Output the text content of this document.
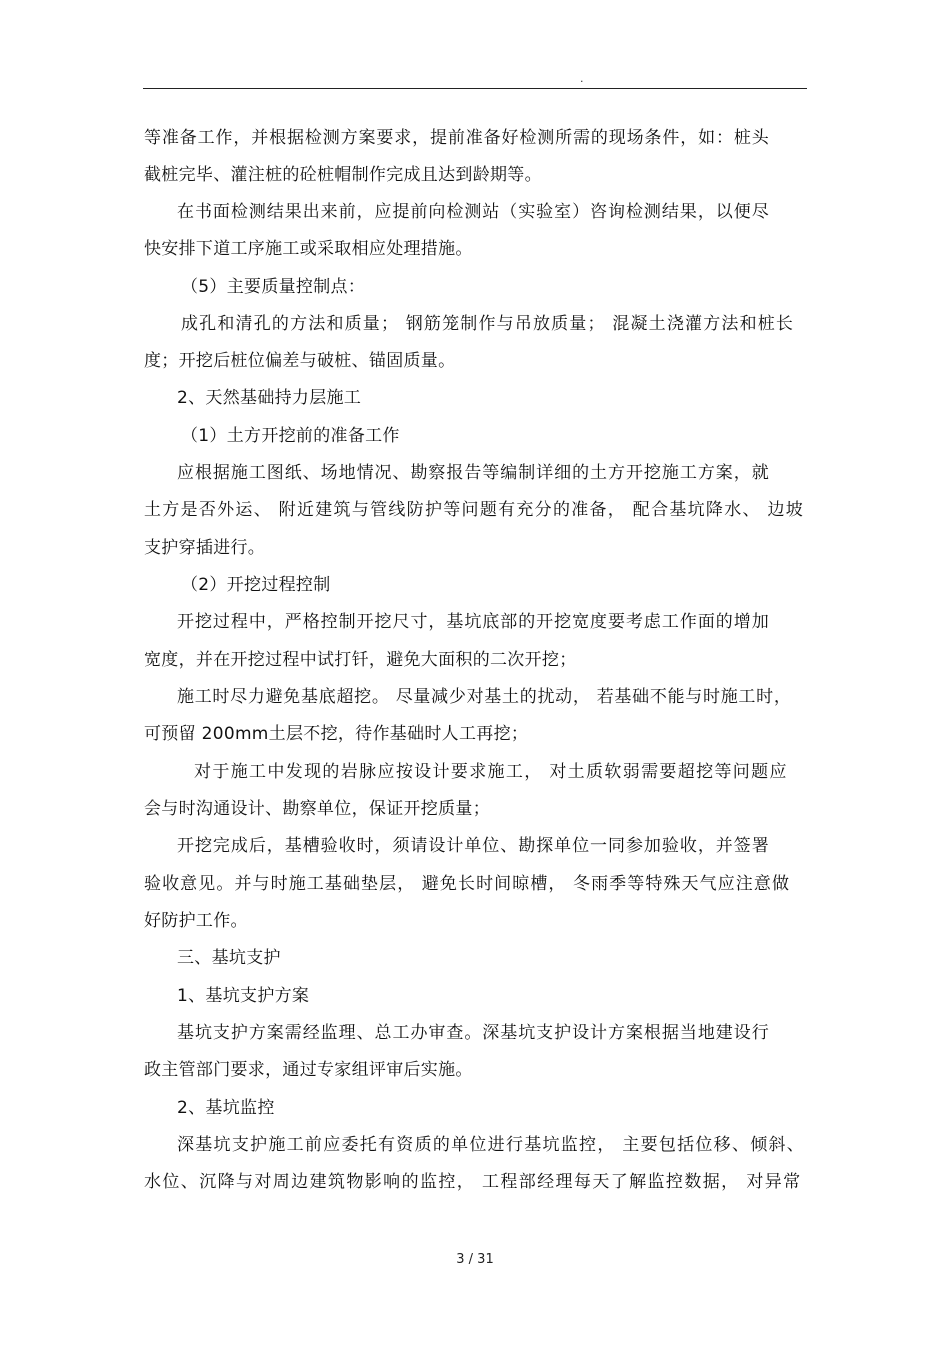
.
等准备工作，并根据检测方案要求，提前准备好检测所需的现场条件，如：桩头
截桩完毕、灌注桩的砼桩帽制作完成且达到龄期等。
在书面检测结果出来前，应提前向检测站（实验室）咨询检测结果，以便尽
快安排下道工序施工或采取相应处理措施。
（5）主要质量控制点：
成孔和清孔的方法和质量； 钢筋笼制作与吊放质量； 混凝土浇灌方法和桩长
度；开挖后桩位偏差与破桩、锚固质量。
2、天然基础持力层施工
（1）土方开挖前的准备工作
应根据施工图纸、场地情况、勘察报告等编制详细的土方开挖施工方案，就
土方是否外运、 附近建筑与管线防护等问题有充分的准备， 配合基坑降水、 边坡
支护穿插进行。
（2）开挖过程控制
开挖过程中，严格控制开挖尺寸，基坑底部的开挖宽度要考虑工作面的增加
宽度，并在开挖过程中试打钎，避免大面积的二次开挖；
施工时尽力避免基底超挖。 尽量减少对基土的扰动， 若基础不能与时施工时，
可预留 200mm土层不挖，待作基础时人工再挖；
对于施工中发现的岩脉应按设计要求施工， 对土质软弱需要超挖等问题应
会与时沟通设计、勘察单位，保证开挖质量；
开挖完成后，基槽验收时，须请设计单位、勘探单位一同参加验收，并签署
验收意见。并与时施工基础垫层， 避免长时间晾槽， 冬雨季等特殊天气应注意做
好防护工作。
三、基坑支护
1、基坑支护方案
基坑支护方案需经监理、总工办审查。深基坑支护设计方案根据当地建设行
政主管部门要求，通过专家组评审后实施。
2、基坑监控
深基坑支护施工前应委托有资质的单位进行基坑监控， 主要包括位移、倾斜、
水位、沉降与对周边建筑物影响的监控， 工程部经理每天了解监控数据， 对异常
3 / 31
